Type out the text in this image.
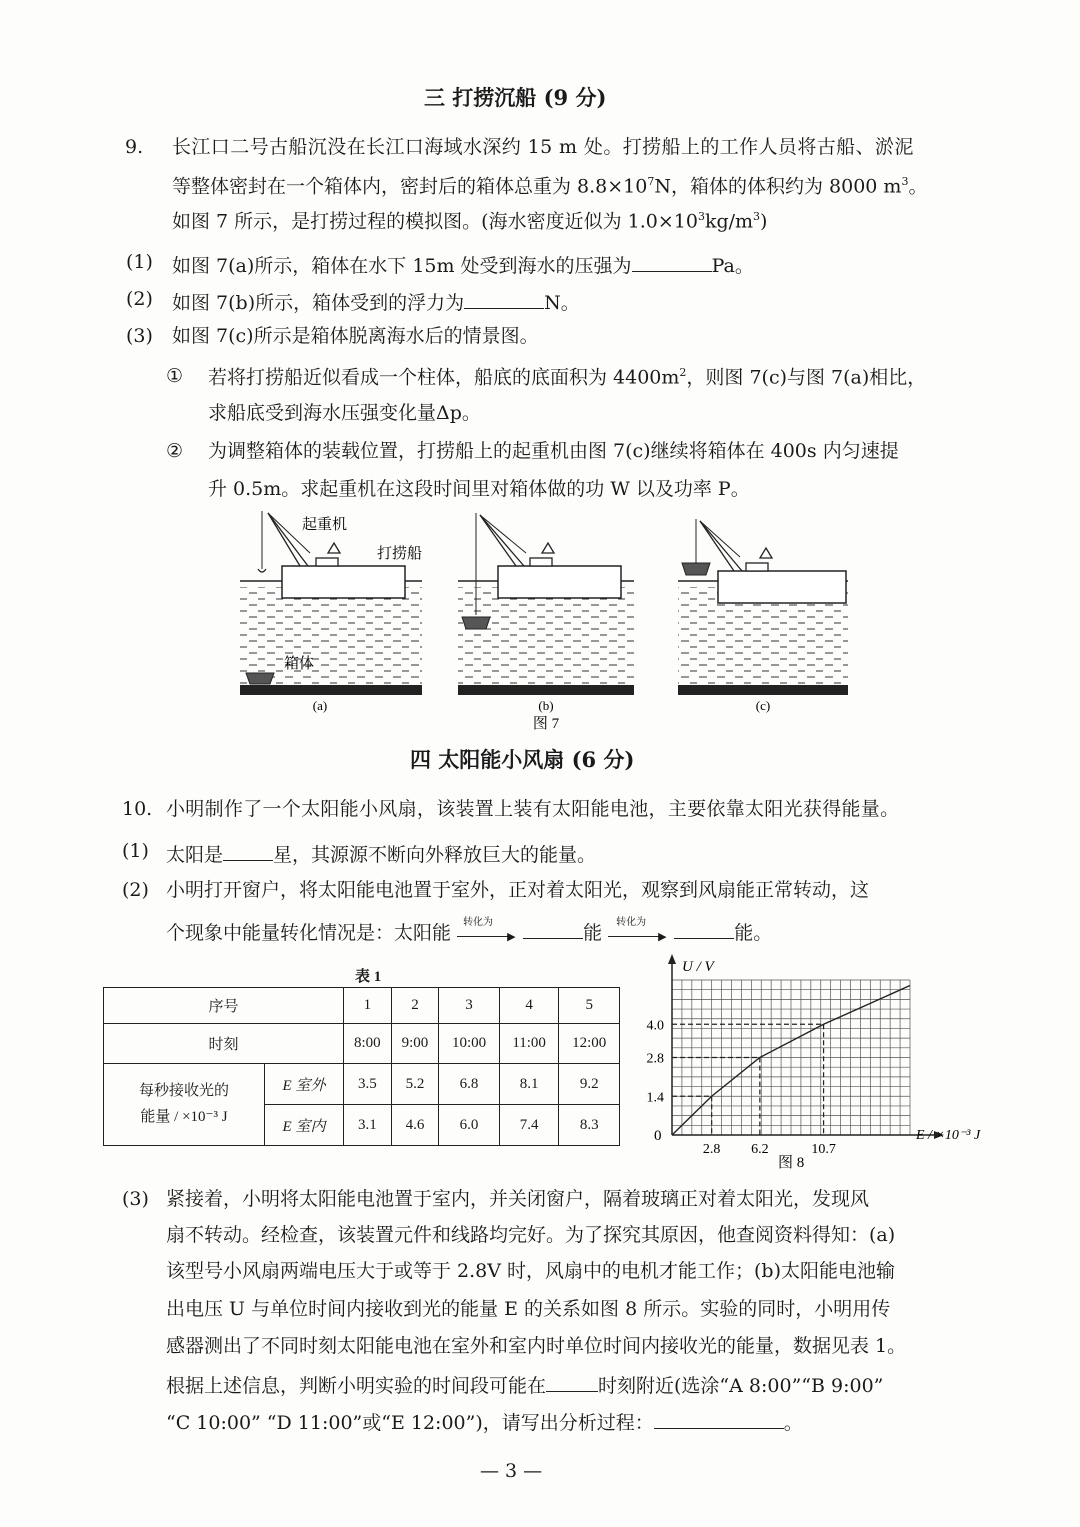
三 打捞沉船 (9 分)
9. 长江口二号古船沉没在长江口海域水深约 15 m 处。打捞船上的工作人员将古船、淤泥
等整体密封在一个箱体内，密封后的箱体总重为 $8.8\times 10^7N$，箱体的体积约为 8000 $m^3$。
如图 7 所示，是打捞过程的模拟图。(海水密度近似为 $1.0\times 10^3kg/m^3$)
(1) 如图 7(a)所示，箱体在水下 15m 处受到海水的压强为	Pa。
(2) 如图 7(b)所示，箱体受到的浮力为	N。
(3) 如图 7(c)所示是箱体脱离海水后的情景图。
① 若将打捞船近似看成一个柱体，船底的底面积为 $4400m^2$，则图 7(c)与图 7(a)相比，
求船底受到海水压强变化量Δp。
② 为调整箱体的装载位置，打捞船上的起重机由图 7(c)继续将箱体在 400s 内匀速提
升 0.5m。求起重机在这段时间里对箱体做的功 W 以及功率 P。
起重机
打捞船
箱体
(a)	(b)
图 7
(c)
四 太阳能小风扇 (6 分)
10. 小明制作了一个太阳能小风扇，该装置上装有太阳能电池，主要依靠太阳光获得能量。
(1) 太阳是	星，其源源不断向外释放巨大的能量。
(2) 小明打开窗户，将太阳能电池置于室外，正对着太阳光，观察到风扇能正常转动，这
个现象中能量转化情况是：太阳能 转化为
▶	能 转化为
▶	能。
表 1
序号		1	2	3	4	5
时刻		8:00	9:00	10:00	11:00	12:00
每秒接收光的
能量 / ×10⁻³ J	E 室外	3.5	5.2	6.8	8.1	9.2
	E 室内	3.1	4.6	6.0	7.4	8.3
2.8 6.2	10.7
1.4
2.8
4.0
U / V
E / ×10⁻³ J
0
图 8
(3) 紧接着，小明将太阳能电池置于室内，并关闭窗户，隔着玻璃正对着太阳光，发现风
扇不转动。经检查，该装置元件和线路均完好。为了探究其原因，他查阅资料得知：(a)
该型号小风扇两端电压大于或等于 2.8V 时，风扇中的电机才能工作；(b)太阳能电池输
出电压 U 与单位时间内接收到光的能量 E 的关系如图 8 所示。实验的同时，小明用传
感器测出了不同时刻太阳能电池在室外和室内时单位时间内接收光的能量，数据见表 1。
根据上述信息，判断小明实验的时间段可能在	时刻附近(选涂“A 8:00”“B 9:00”
“C 10:00” “D 11:00”或“E 12:00”)，请写出分析过程：	。
— 3 —
